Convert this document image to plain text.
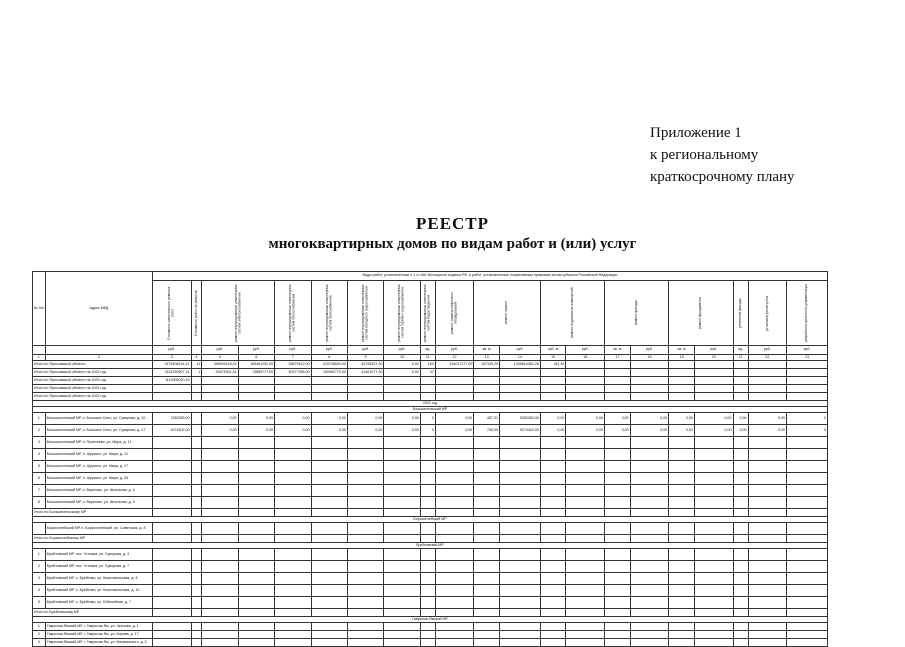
Приложение 1
к региональному
краткосрочному плану
РЕЕСТР
многоквартирных домов по видам работ и (или) услуг
№ п/п	Адрес МКД	Виды работ, установленные ч.1 ст.166 Жилищного кодекса РФ, и работ, установленные нормативным правовым актом субъекта Российской Федерации																				

		Стоимость капитального ремонта всего	Стоимость работ по ремонту	ремонт внутридомовых инженерных систем электроснабжения		ремонт внутридомовых инженерных систем теплоснабжения	ремонт внутридомовых инженерных систем газоснабжения	ремонт внутридомовых инженерных систем холодного водоснабжения	ремонт внутридомовых инженерных систем горячего водоснабжения	ремонт внутридомовых инженерных систем водоотведения	ремонт, замена лифтового оборудования	ремонт крыши		ремонт подвальных помещений		ремонт фасада		ремонт фундамента		утепление фасада	установка узлов учета	разработка проектной документации

		руб.		руб.	руб.	руб.	руб.	руб.	руб.	ед.	руб.	кв. м	руб.	куб. м	руб.	кв. м	руб.	кв. м	руб.	ед.	руб.	руб.
1	2	3	4	5	6	7	8	9	10	11	12	13	14	15	16	17	18	19	20	21	22	23
Итого по Ярославской области		2475408214,21	11	345904218,04	165461252,00	26879412,00	219728500,00	62795327,00	0,00	183	334017177,00	157345,29	1349810462,26	411,45								
Итого по Ярославской области на 2022 год		1142250507,31	1	53475391,41	73865777,00	50377396,00	150962773,00	31401077,00	0,00	47												
Итого по Ярославской области на 2023 год		1113905020,39																				
Итого по Ярославской области на 2024 год																						
Итого по Ярославской области на 2022 год																						
2022 год																						
Большесельский МР																						
1	Большесельский МР, с. Большое Село, ул. Суворова, д. 10	7282383,00		0,00	0,00	0,00	0,00	0,00	0,00	0	0,00	487,31	9282383,00	0,00	0,00	0,00	0,00	0,00	0,00	0,00	0,00	0
2	Большесельский МР, с. Большое Село, ул. Суворова, д. 17	9274402,00		0,00	0,00	0,00	0,00	0,00	0,00	0	0,00	706,59	9274402,00	0,00	0,00	0,00	0,00	0,00	0,00	0,00	0,00	0
3	Большесельский МР, п. Полетаево, ул. Мира, д. 11																					
4	Большесельский МР, п. Шурскол, ул. Мира, д. 12																					
5	Большесельский МР, п. Шурскол, ул. Мира, д. 17																					
6	Большесельский МР, п. Шурскол, ул. Мира, д. 25																					
7	Большесельский МР, с. Варегово, ул. Школьная, д. 4																					
8	Большесельский МР, с. Варегово, ул. Школьная, д. 5																					
Итого по Большесельскому МР																						
Борисоглебский МР																						
	Борисоглебский МР, п. Борисоглебский, ул. Советская, д. 8																					
Итого по Борисоглебскому МР																						
Брейтовский МР																						
1	Брейтовский МР, пос. Ухтомка, ул. Суворова, д. 3																					
2	Брейтовский МР, пос. Ухтомка, ул. Суворова, д. 7																					
3	Брейтовский МР, с. Брейтово, ул. Комсомольская, д. 8																					
4	Брейтовский МР, с. Брейтово, ул. Комсомольская, д. 10																					
5	Брейтовский МР, с. Брейтово, ул. Юбилейная, д. 7																					
Итого по Брейтовскому МР																						
Гаврилов-Ямский МР																						
1	Гаврилов-Ямский МР, г. Гаврилов-Ям, ул. Чкалова, д. 1																					
2	Гаврилов-Ямский МР, г. Гаврилов-Ям, ул. Кирова, д. 17																					
3	Гаврилов-Ямский МР, г. Гаврилов-Ям, ул. Менжинского, д. 5																					
